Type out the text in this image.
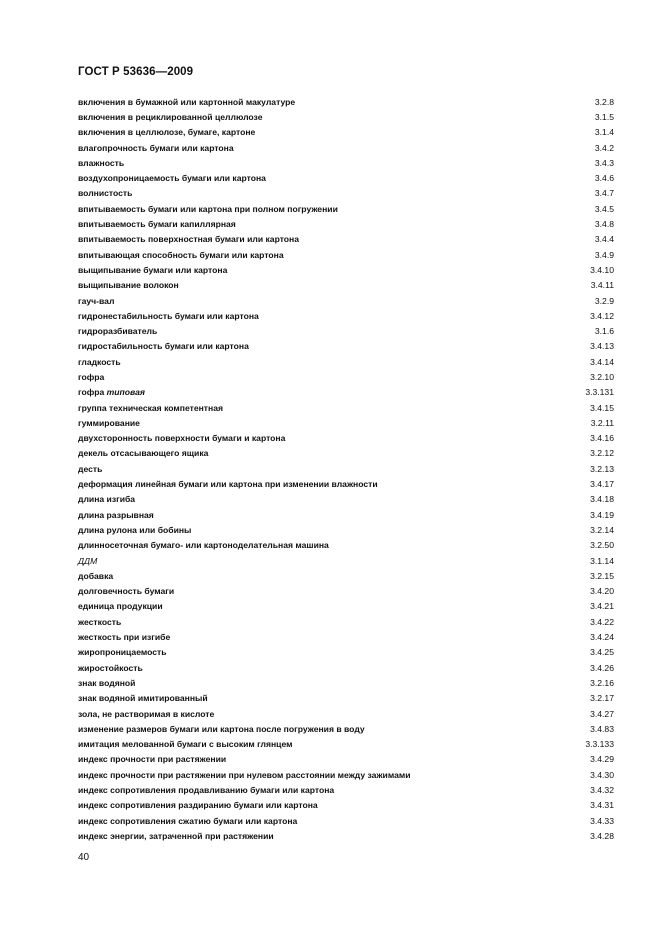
ГОСТ Р 53636—2009
включения в бумажной или картонной макулатуре	3.2.8
включения в рециклированной целлюлозе	3.1.5
включения в целлюлозе, бумаге, картоне	3.1.4
влагопрочность бумаги или картона	3.4.2
влажность	3.4.3
воздухопроницаемость бумаги или картона	3.4.6
волнистость	3.4.7
впитываемость бумаги или картона при полном погружении	3.4.5
впитываемость бумаги капиллярная	3.4.8
впитываемость поверхностная бумаги или картона	3.4.4
впитывающая способность бумаги или картона	3.4.9
выщипывание бумаги или картона	3.4.10
выщипывание волокон	3.4.11
гауч-вал	3.2.9
гидронестабильность бумаги или картона	3.4.12
гидроразбиватель	3.1.6
гидростабильность бумаги или картона	3.4.13
гладкость	3.4.14
гофра	3.2.10
гофра типовая	3.3.131
группа техническая компетентная	3.4.15
гуммирование	3.2.11
двухсторонность поверхности бумаги и картона	3.4.16
декель отсасывающего ящика	3.2.12
десть	3.2.13
деформация линейная бумаги или картона при изменении влажности	3.4.17
длина изгиба	3.4.18
длина разрывная	3.4.19
длина рулона или бобины	3.2.14
длинносеточная бумаго- или картоноделательная машина	3.2.50
ДДМ	3.1.14
добавка	3.2.15
долговечность бумаги	3.4.20
единица продукции	3.4.21
жесткость	3.4.22
жесткость при изгибе	3.4.24
жиропроницаемость	3.4.25
жиростойкость	3.4.26
знак водяной	3.2.16
знак водяной имитированный	3.2.17
зола, не растворимая в кислоте	3.4.27
изменение размеров бумаги или картона после погружения в воду	3.4.83
имитация мелованной бумаги с высоким глянцем	3.3.133
индекс прочности при растяжении	3.4.29
индекс прочности при растяжении при нулевом расстоянии между зажимами	3.4.30
индекс сопротивления продавливанию бумаги или картона	3.4.32
индекс сопротивления раздиранию бумаги или картона	3.4.31
индекс сопротивления сжатию бумаги или картона	3.4.33
индекс энергии, затраченной при растяжении	3.4.28
40
